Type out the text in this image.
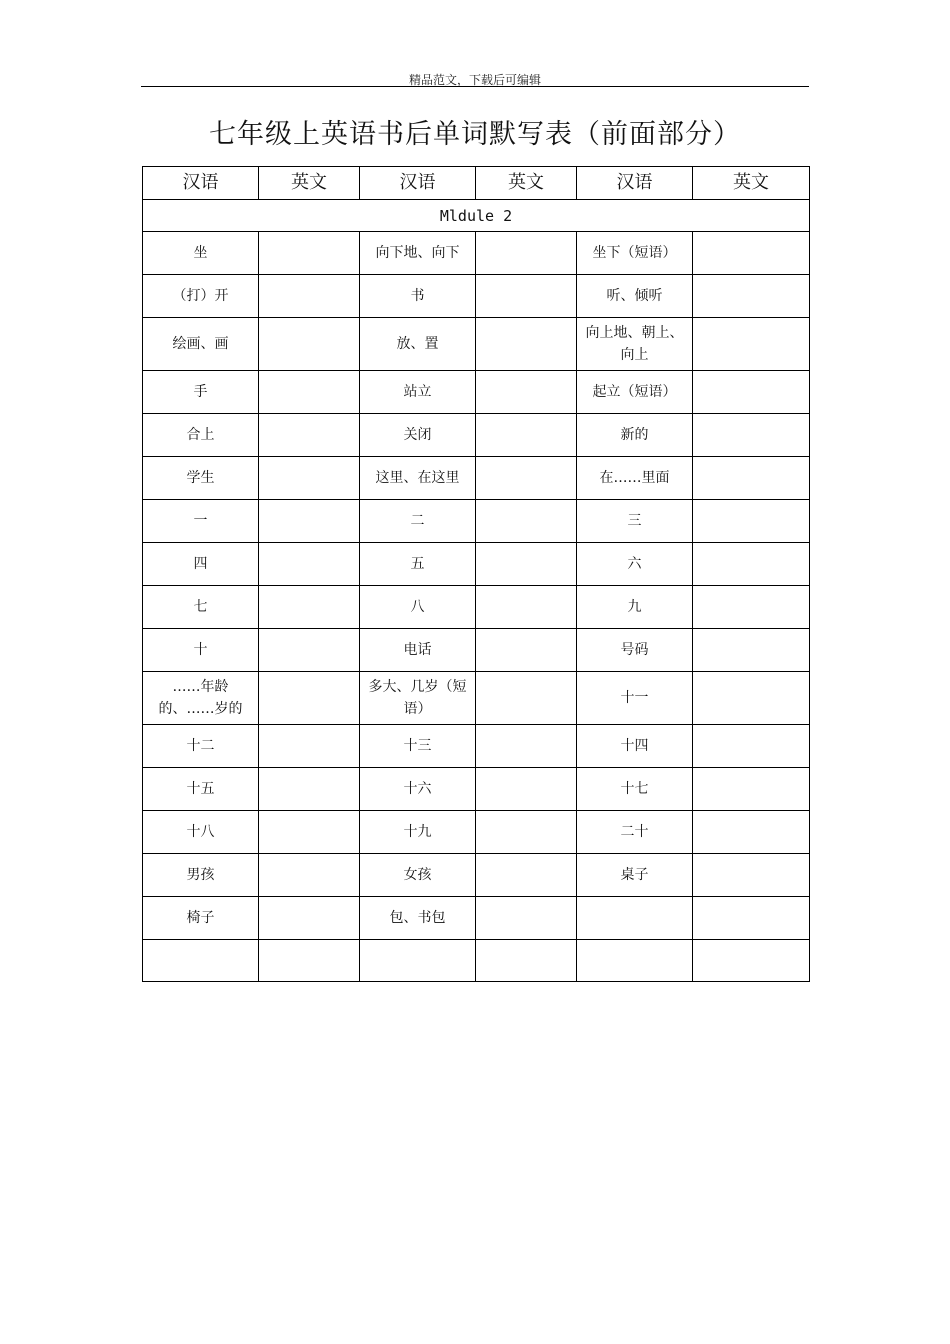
精品范文，下载后可编辑
七年级上英语书后单词默写表（前面部分）
汉语	英文	汉语	英文	汉语	英文
Mldule 2					
坐		向下地、向下		坐下（短语）	
（打）开		书		听、倾听	
绘画、画		放、置		向上地、朝上、向上	
手		站立		起立（短语）	
合上		关闭		新的	
学生		这里、在这里		在……里面	
一		二		三	
四		五		六	
七		八		九	
十		电话		号码	
……年龄的、……岁的		多大、几岁（短语）		十一	
十二		十三		十四	
十五		十六		十七	
十八		十九		二十	
男孩		女孩		桌子	
椅子		包、书包			
